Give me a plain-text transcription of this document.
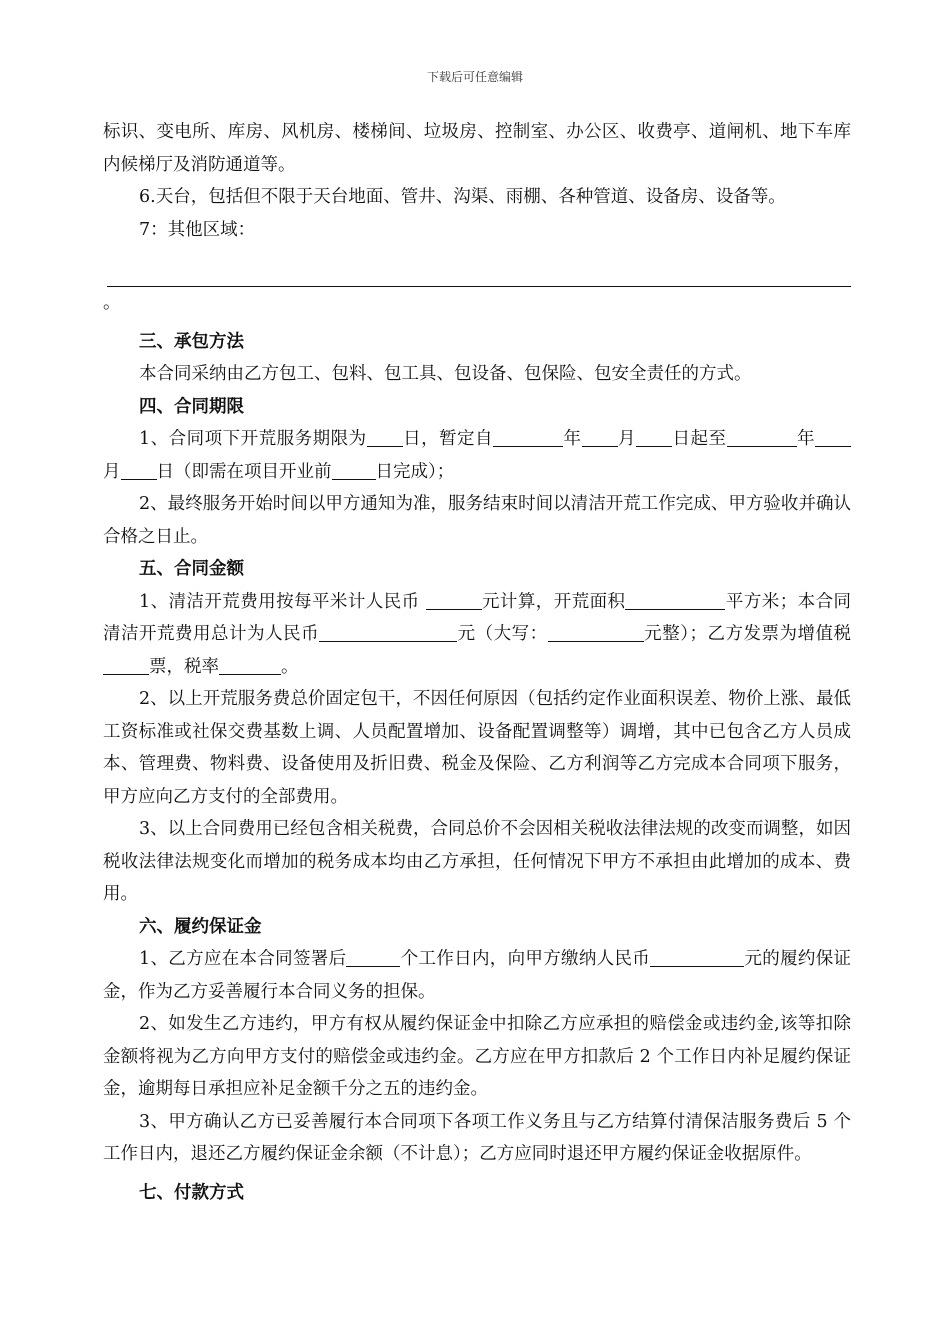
下载后可任意编辑

标识、变电所、库房、风机房、楼梯间、垃圾房、控制室、办公区、收费亭、道闸机、地下车库内候梯厅及消防通道等。

6.天台，包括但不限于天台地面、管井、沟渠、雨棚、各种管道、设备房、设备等。

7：其他区域：

。

三、承包方法

本合同采纳由乙方包工、包料、包工具、包设备、包保险、包安全责任的方式。

四、合同期限

1、合同项下开荒服务期限为 日，暂定自	年 月 日起至	年月 日（即需在项目开业前	日完成）；

2、最终服务开始时间以甲方通知为准，服务结束时间以清洁开荒工作完成、甲方验收并确认合格之日止。

五、合同金额

1、清洁开荒费用按每平米计人民币	元计算，开荒面积	平方米；本合同清洁开荒费用总计为人民币	元（大写：	元整）；乙方发票为增值税票，税率	。

2、以上开荒服务费总价固定包干，不因任何原因（包括约定作业面积误差、物价上涨、最低工资标准或社保交费基数上调、人员配置增加、设备配置调整等）调增，其中已包含乙方人员成本、管理费、物料费、设备使用及折旧费、税金及保险、乙方利润等乙方完成本合同项下服务，甲方应向乙方支付的全部费用。

3、以上合同费用已经包含相关税费，合同总价不会因相关税收法律法规的改变而调整，如因税收法律法规变化而增加的税务成本均由乙方承担，任何情况下甲方不承担由此增加的成本、费用。

六、履约保证金

1、乙方应在本合同签署后	个工作日内，向甲方缴纳人民币	元的履约保证金，作为乙方妥善履行本合同义务的担保。

2、如发生乙方违约，甲方有权从履约保证金中扣除乙方应承担的赔偿金或违约金,该等扣除金额将视为乙方向甲方支付的赔偿金或违约金。乙方应在甲方扣款后 2 个工作日内补足履约保证金，逾期每日承担应补足金额千分之五的违约金。

3、甲方确认乙方已妥善履行本合同项下各项工作义务且与乙方结算付清保洁服务费后 5 个工作日内，退还乙方履约保证金余额（不计息）；乙方应同时退还甲方履约保证金收据原件。

七、付款方式
